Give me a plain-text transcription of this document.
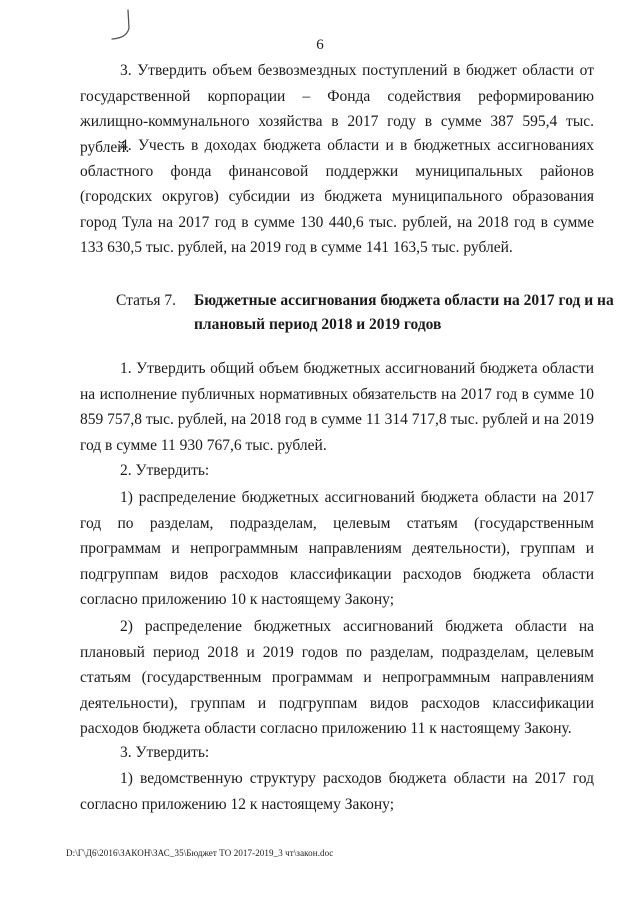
6

3. Утвердить объем безвозмездных поступлений в бюджет области от государственной корпорации – Фонда содействия реформированию жилищно-коммунального хозяйства в 2017 году в сумме 387 595,4 тыс. рублей.

4. Учесть в доходах бюджета области и в бюджетных ассигнованиях областного фонда финансовой поддержки муниципальных районов (городских округов) субсидии из бюджета муниципального образования город Тула на 2017 год в сумме 130 440,6 тыс. рублей, на 2018 год в сумме 133 630,5 тыс. рублей, на 2019 год в сумме 141 163,5 тыс. рублей.

Статья 7. Бюджетные ассигнования бюджета области на 2017 год и на плановый период 2018 и 2019 годов

1. Утвердить общий объем бюджетных ассигнований бюджета области на исполнение публичных нормативных обязательств на 2017 год в сумме 10 859 757,8 тыс. рублей, на 2018 год в сумме 11 314 717,8 тыс. рублей и на 2019 год в сумме 11 930 767,6 тыс. рублей.

2. Утвердить:

1) распределение бюджетных ассигнований бюджета области на 2017 год по разделам, подразделам, целевым статьям (государственным программам и непрограммным направлениям деятельности), группам и подгруппам видов расходов классификации расходов бюджета области согласно приложению 10 к настоящему Закону;

2) распределение бюджетных ассигнований бюджета области на плановый период 2018 и 2019 годов по разделам, подразделам, целевым статьям (государственным программам и непрограммным направлениям деятельности), группам и подгруппам видов расходов классификации расходов бюджета области согласно приложению 11 к настоящему Закону.

3. Утвердить:

1) ведомственную структуру расходов бюджета области на 2017 год согласно приложению 12 к настоящему Закону;

D:\Г\Д6\2016\ЗАКОН\ЗАС_35\Бюджет ТО 2017-2019_3 чт\закон.doc
